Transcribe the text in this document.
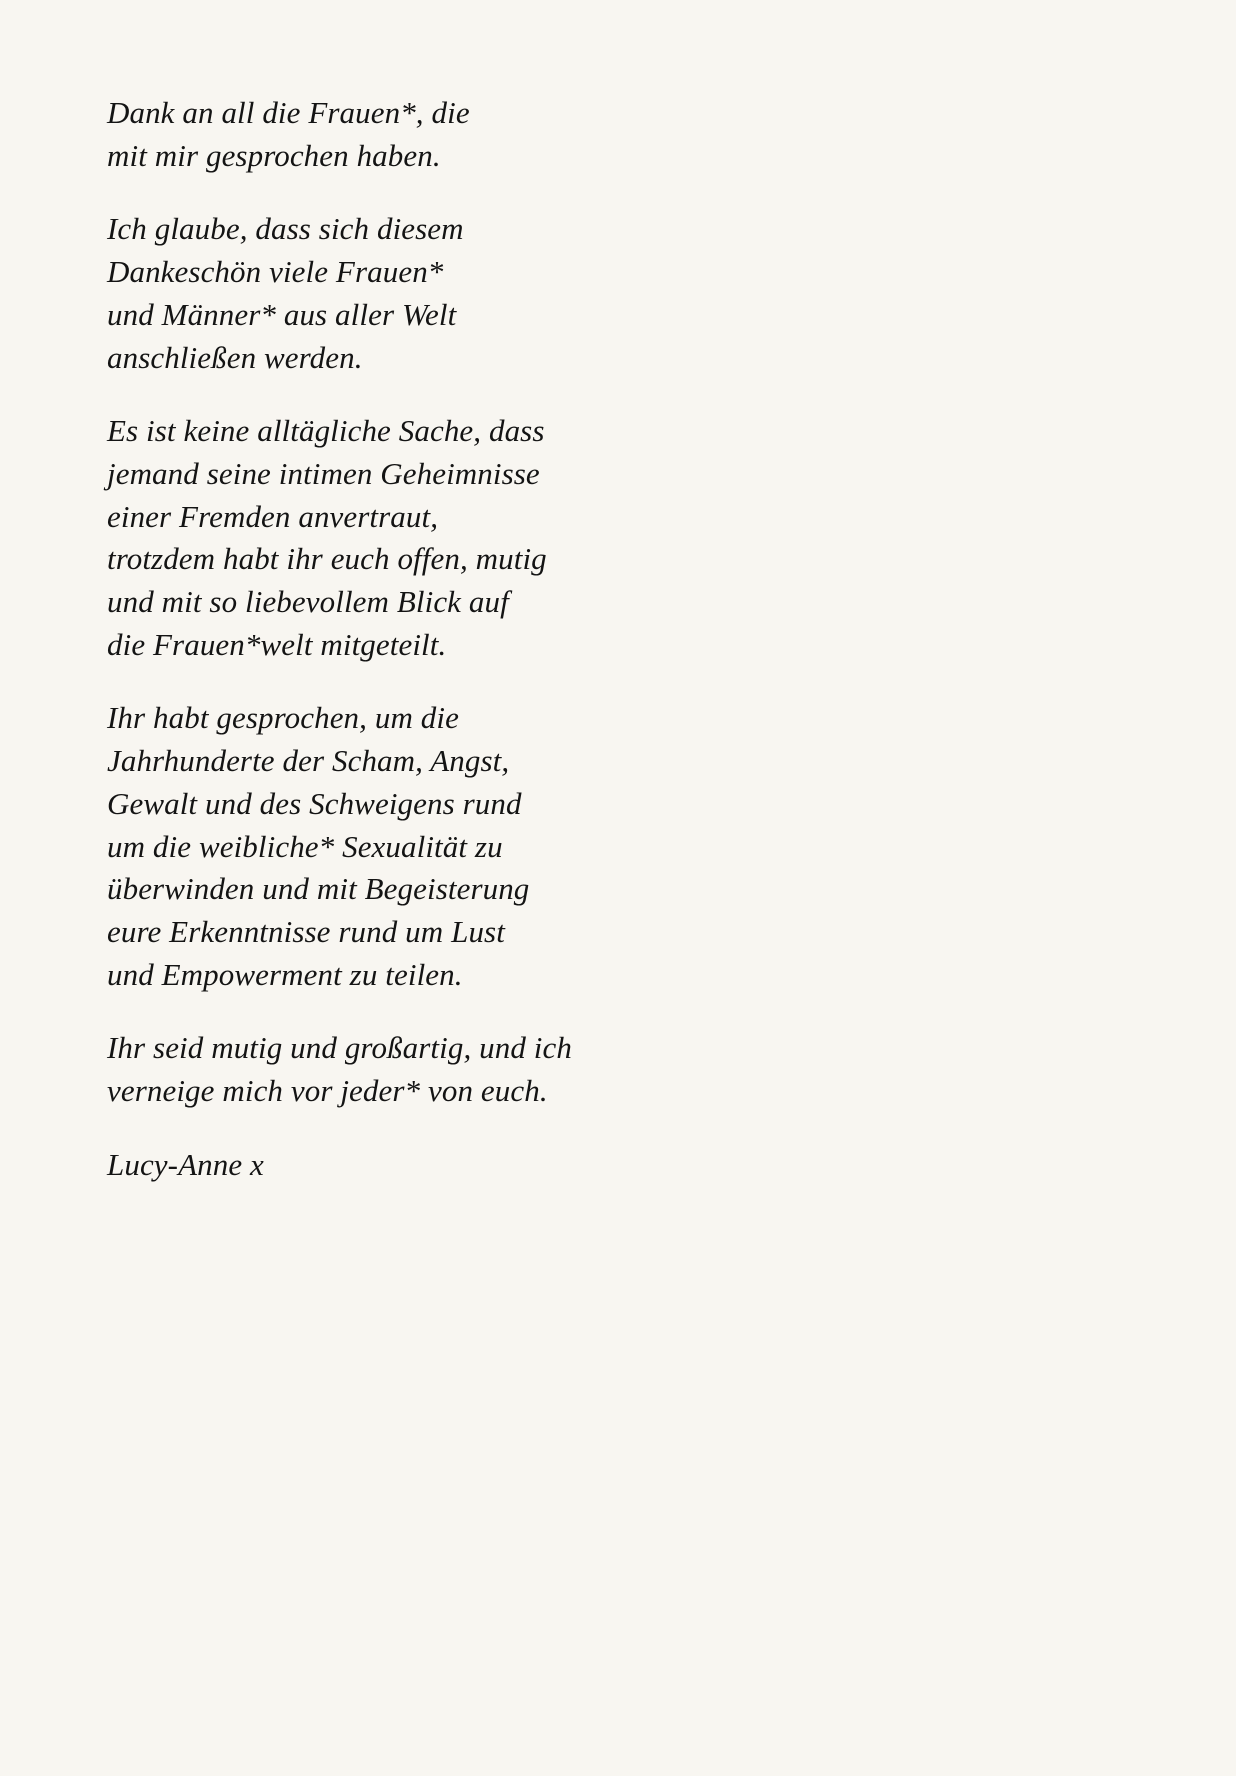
Dank an all die Frauen*, die
mit mir gesprochen haben.

Ich glaube, dass sich diesem
Dankeschön viele Frauen*
und Männer* aus aller Welt
anschließen werden.

Es ist keine alltägliche Sache, dass
jemand seine intimen Geheimnisse
einer Fremden anvertraut,
trotzdem habt ihr euch offen, mutig
und mit so liebevollem Blick auf
die Frauen*welt mitgeteilt.

Ihr habt gesprochen, um die
Jahrhunderte der Scham, Angst,
Gewalt und des Schweigens rund
um die weibliche* Sexualität zu
überwinden und mit Begeisterung
eure Erkenntnisse rund um Lust
und Empowerment zu teilen.

Ihr seid mutig und großartig, und ich
verneige mich vor jeder* von euch.

Lucy-Anne x
